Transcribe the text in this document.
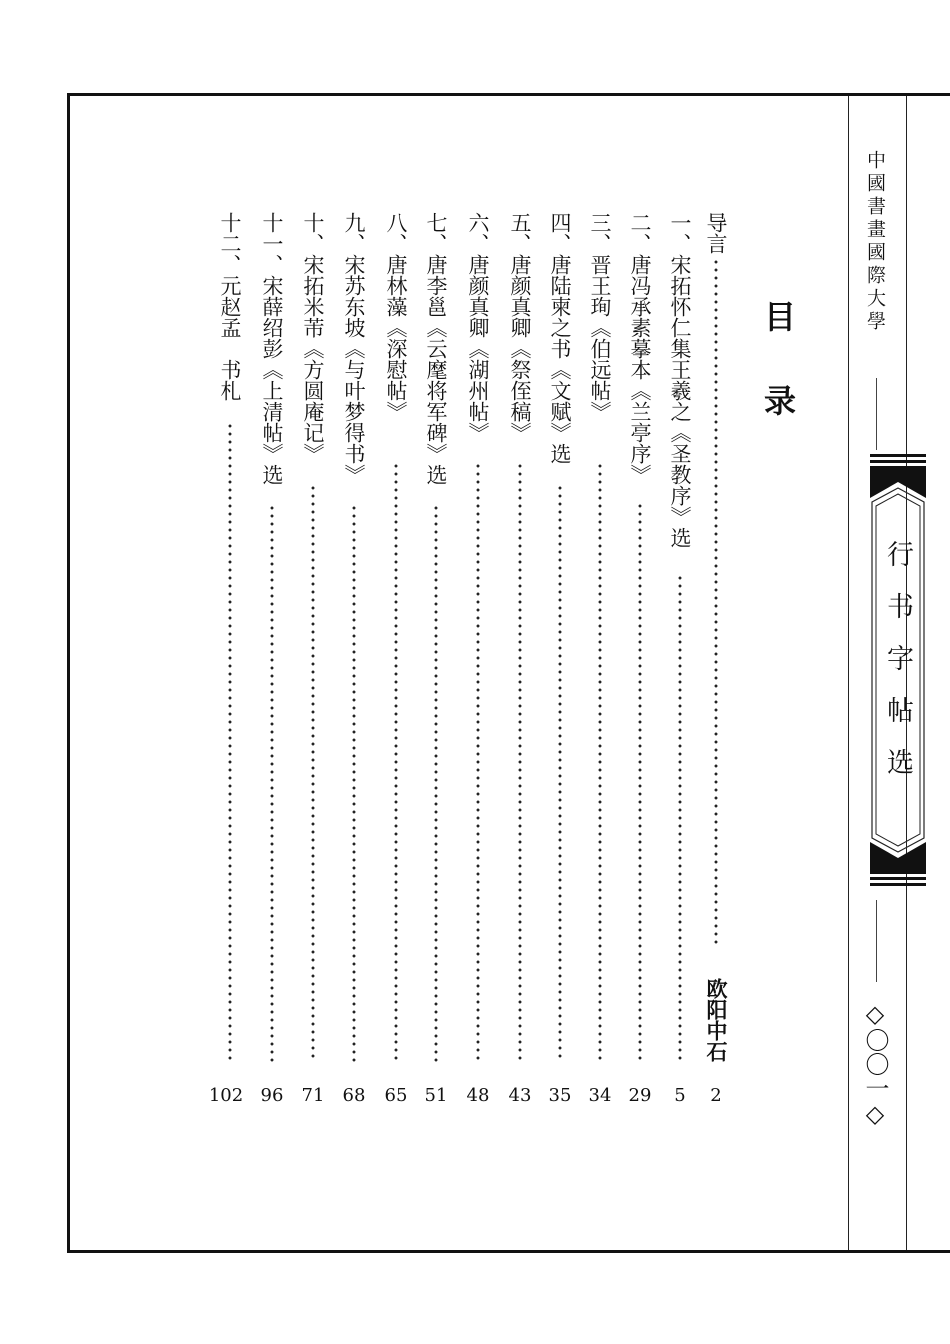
中國書畫國際大學
行书字帖选
◇〇〇一◇
目录
导言
欧阳中石
一、宋拓怀仁集王羲之《圣教序》选
二、唐冯承素摹本《兰亭序》
三、晋王珣《伯远帖》
四、唐陆柬之书《文赋》选
五、唐颜真卿《祭侄稿》
六、唐颜真卿《湖州帖》
七、唐李邕《云麾将军碑》选
八、唐林藻《深慰帖》
九、宋苏东坡《与叶梦得书》
十、宋拓米芾《方圆庵记》
十一、宋薛绍彭《上清帖》选
十二、元赵孟　书札
2
5
29
34
35
43
48
51
65
68
71
96
102
